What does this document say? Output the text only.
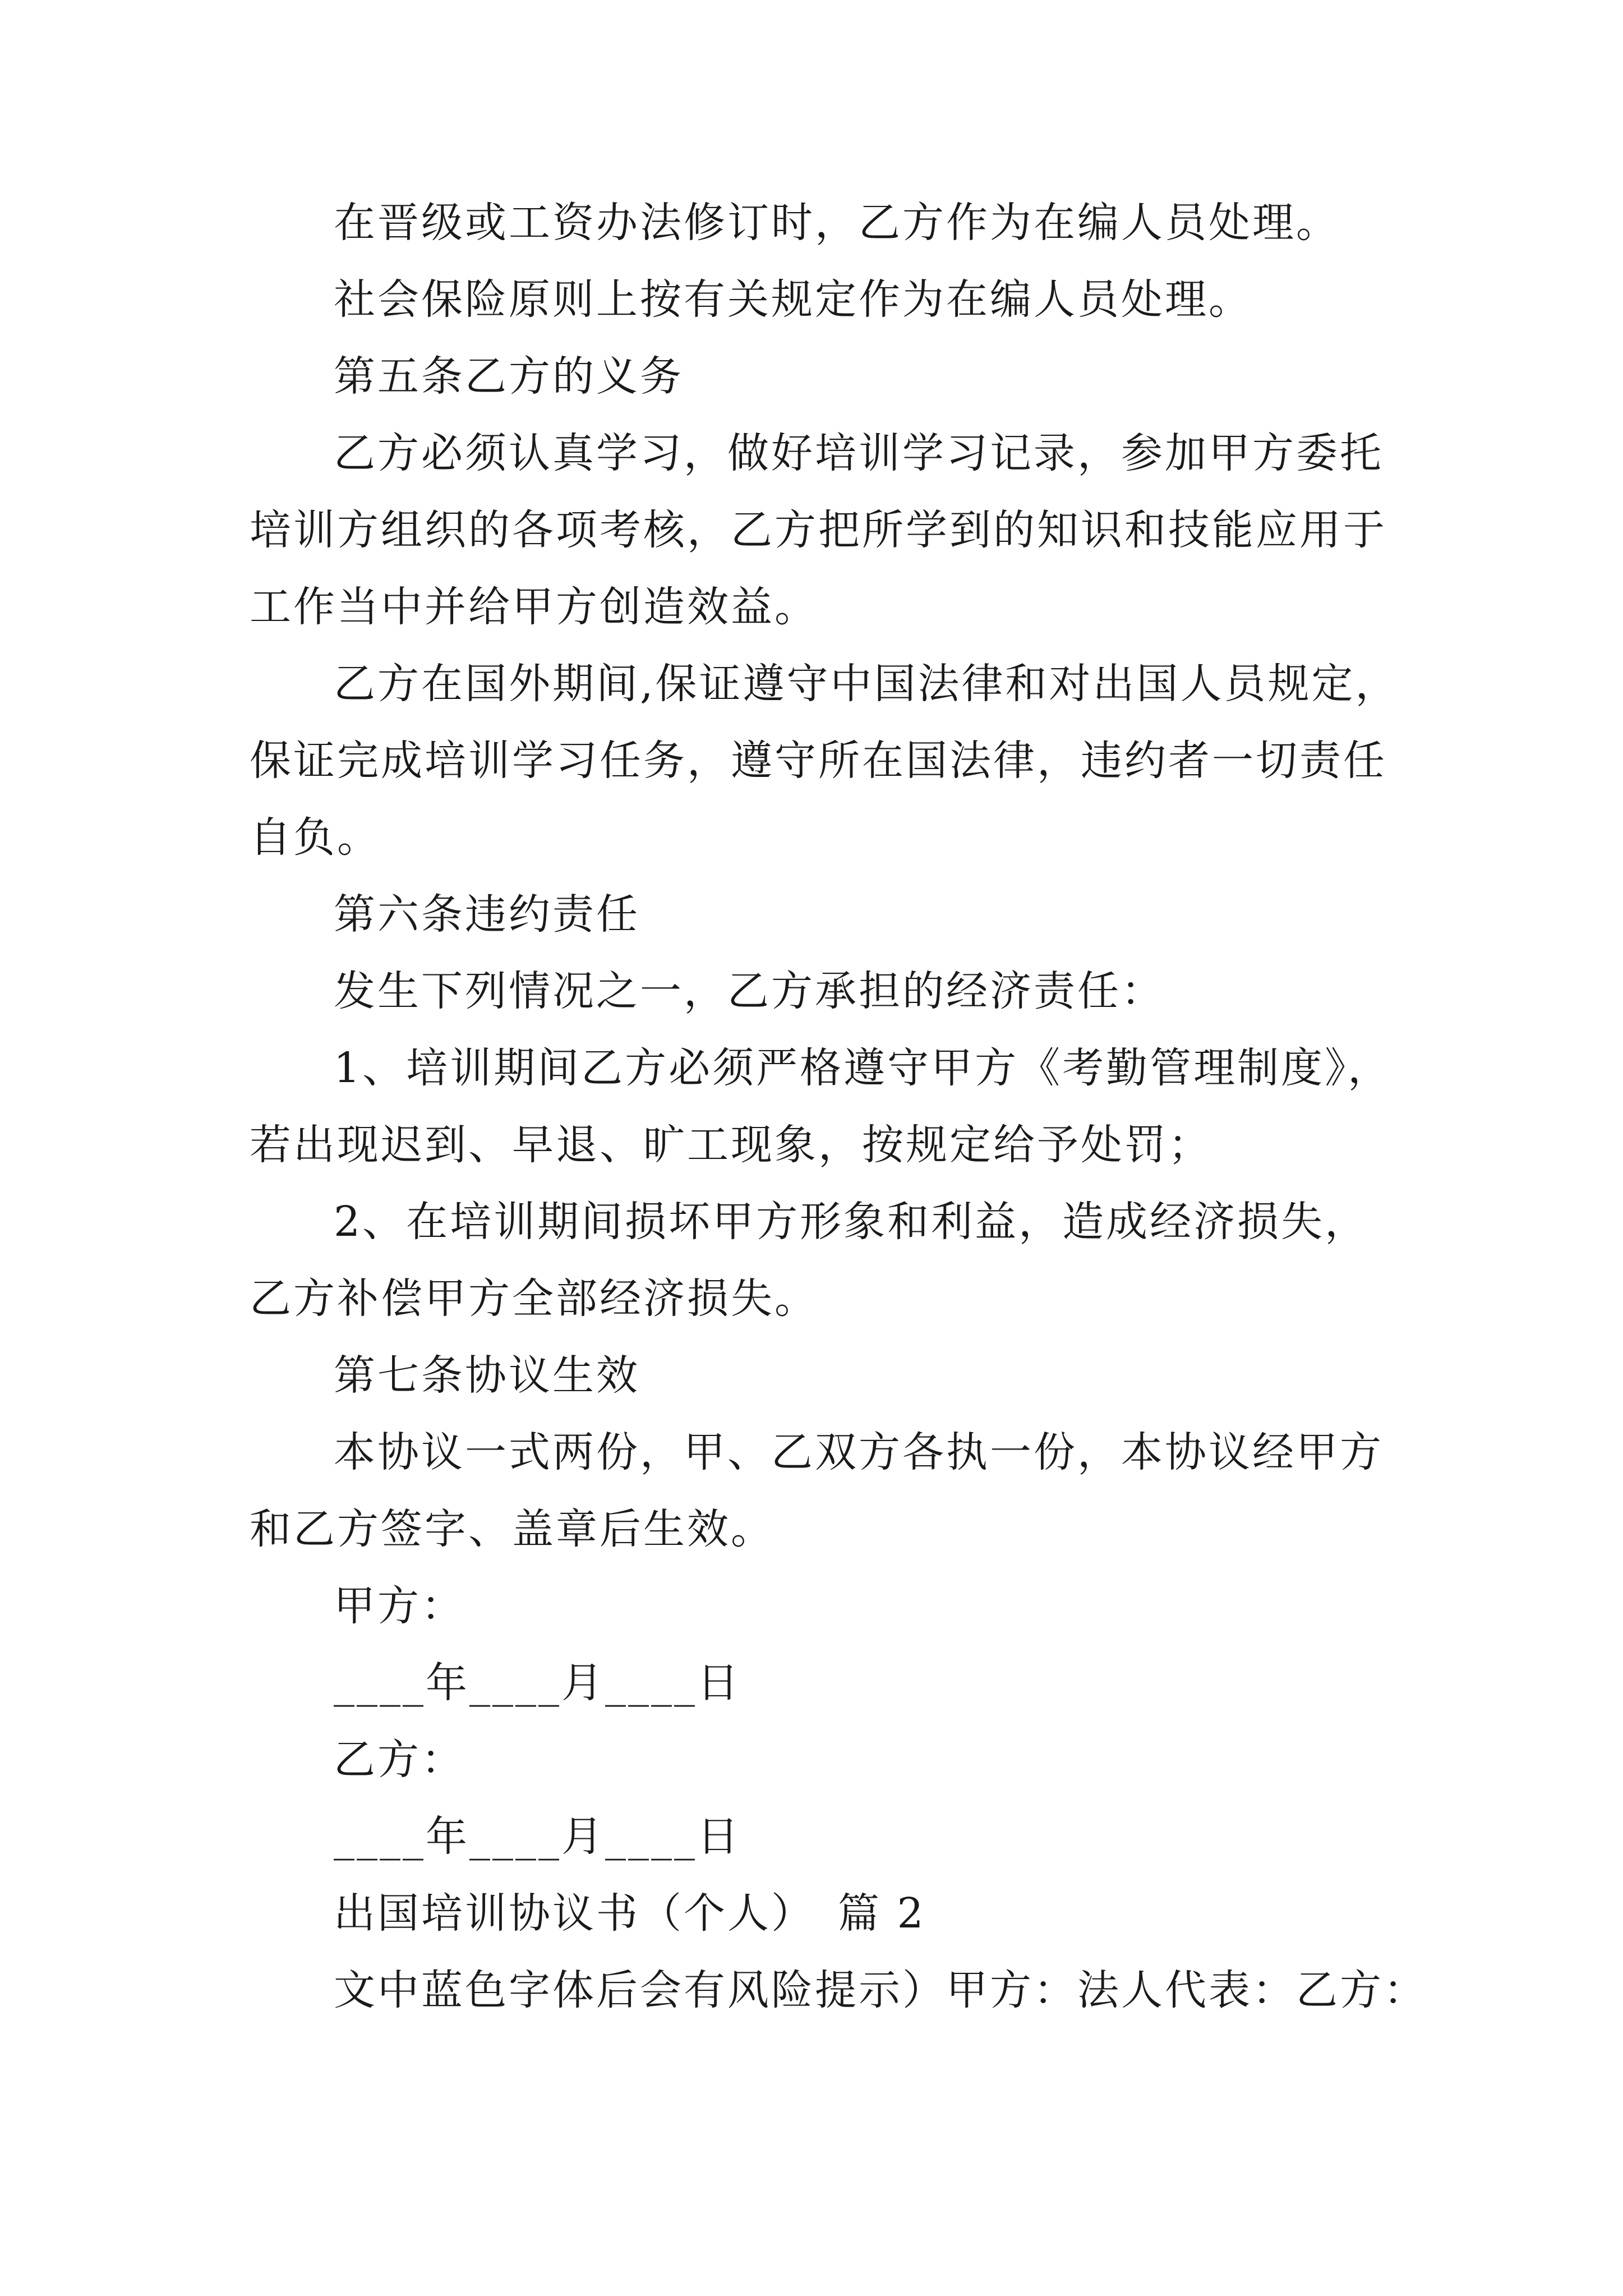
在晋级或工资办法修订时，乙方作为在编人员处理。
社会保险原则上按有关规定作为在编人员处理。
第五条乙方的义务
乙方必须认真学习，做好培训学习记录，参加甲方委托
培训方组织的各项考核，乙方把所学到的知识和技能应用于
工作当中并给甲方创造效益。
乙方在国外期间,保证遵守中国法律和对出国人员规定，
保证完成培训学习任务，遵守所在国法律，违约者一切责任
自负。
第六条违约责任
发生下列情况之一，乙方承担的经济责任：
1、培训期间乙方必须严格遵守甲方《考勤管理制度》，
若出现迟到、早退、旷工现象，按规定给予处罚；
2、在培训期间损坏甲方形象和利益，造成经济损失，
乙方补偿甲方全部经济损失。
第七条协议生效
本协议一式两份，甲、乙双方各执一份，本协议经甲方
和乙方签字、盖章后生效。
甲方：
____年____月____日
乙方：
____年____月____日
出国培训协议书（个人）　篇 2
文中蓝色字体后会有风险提示）甲方：法人代表：乙方：
